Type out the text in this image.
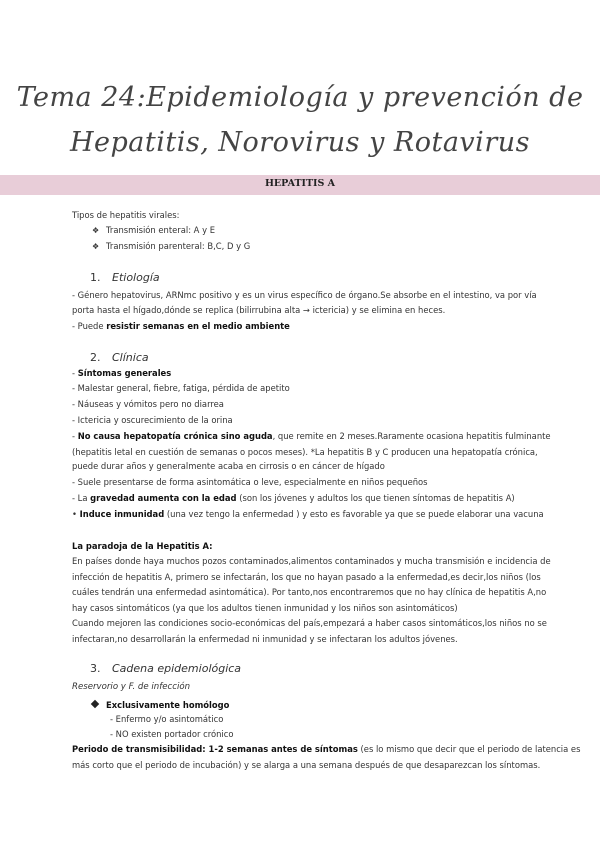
Tema 24:Epidemiología y prevención de
Hepatitis, Norovirus y Rotavirus
HEPATITIS A
Tipos de hepatitis virales:
❖ Transmisión enteral: A y E
❖ Transmisión parenteral: B,C, D y G
1. Etiología
- Género hepatovirus, ARNmc positivo y es un virus específico de órgano.Se absorbe en el intestino, va por vía
porta hasta el hígado,dónde se replica (bilirrubina alta → ictericia) y se elimina en heces.
- Puede resistir semanas en el medio ambiente
2. Clínica
- Síntomas generales
- Malestar general, fiebre, fatiga, pérdida de apetito
- Náuseas y vómitos pero no diarrea
- Ictericia y oscurecimiento de la orina
- No causa hepatopatía crónica sino aguda, que remite en 2 meses.Raramente ocasiona hepatitis fulminante
(hepatitis letal en cuestión de semanas o pocos meses). *La hepatitis B y C producen una hepatopatía crónica,
puede durar años y generalmente acaba en cirrosis o en cáncer de hígado
- Suele presentarse de forma asintomática o leve, especialmente en niños pequeños
- La gravedad aumenta con la edad (son los jóvenes y adultos los que tienen síntomas de hepatitis A)
• Induce inmunidad (una vez tengo la enfermedad ) y esto es favorable ya que se puede elaborar una vacuna
La paradoja de la Hepatitis A:
En países donde haya muchos pozos contaminados,alimentos contaminados y mucha transmisión e incidencia de
infección de hepatitis A, primero se infectarán, los que no hayan pasado a la enfermedad,es decir,los niños (los
cuáles tendrán una enfermedad asintomática). Por tanto,nos encontraremos que no hay clínica de hepatitis A,no
hay casos sintomáticos (ya que los adultos tienen inmunidad y los niños son asintomáticos)
Cuando mejoren las condiciones socio-económicas del país,empezará a haber casos sintomáticos,los niños no se
infectaran,no desarrollarán la enfermedad ni inmunidad y se infectaran los adultos jóvenes.
3. Cadena epidemiológica
Reservorio y F. de infección
Exclusivamente homólogo
- Enfermo y/o asintomático
- NO existen portador crónico
Periodo de transmisibilidad: 1-2 semanas antes de síntomas (es lo mismo que decir que el periodo de latencia es
más corto que el periodo de incubación) y se alarga a una semana después de que desaparezcan los síntomas.
